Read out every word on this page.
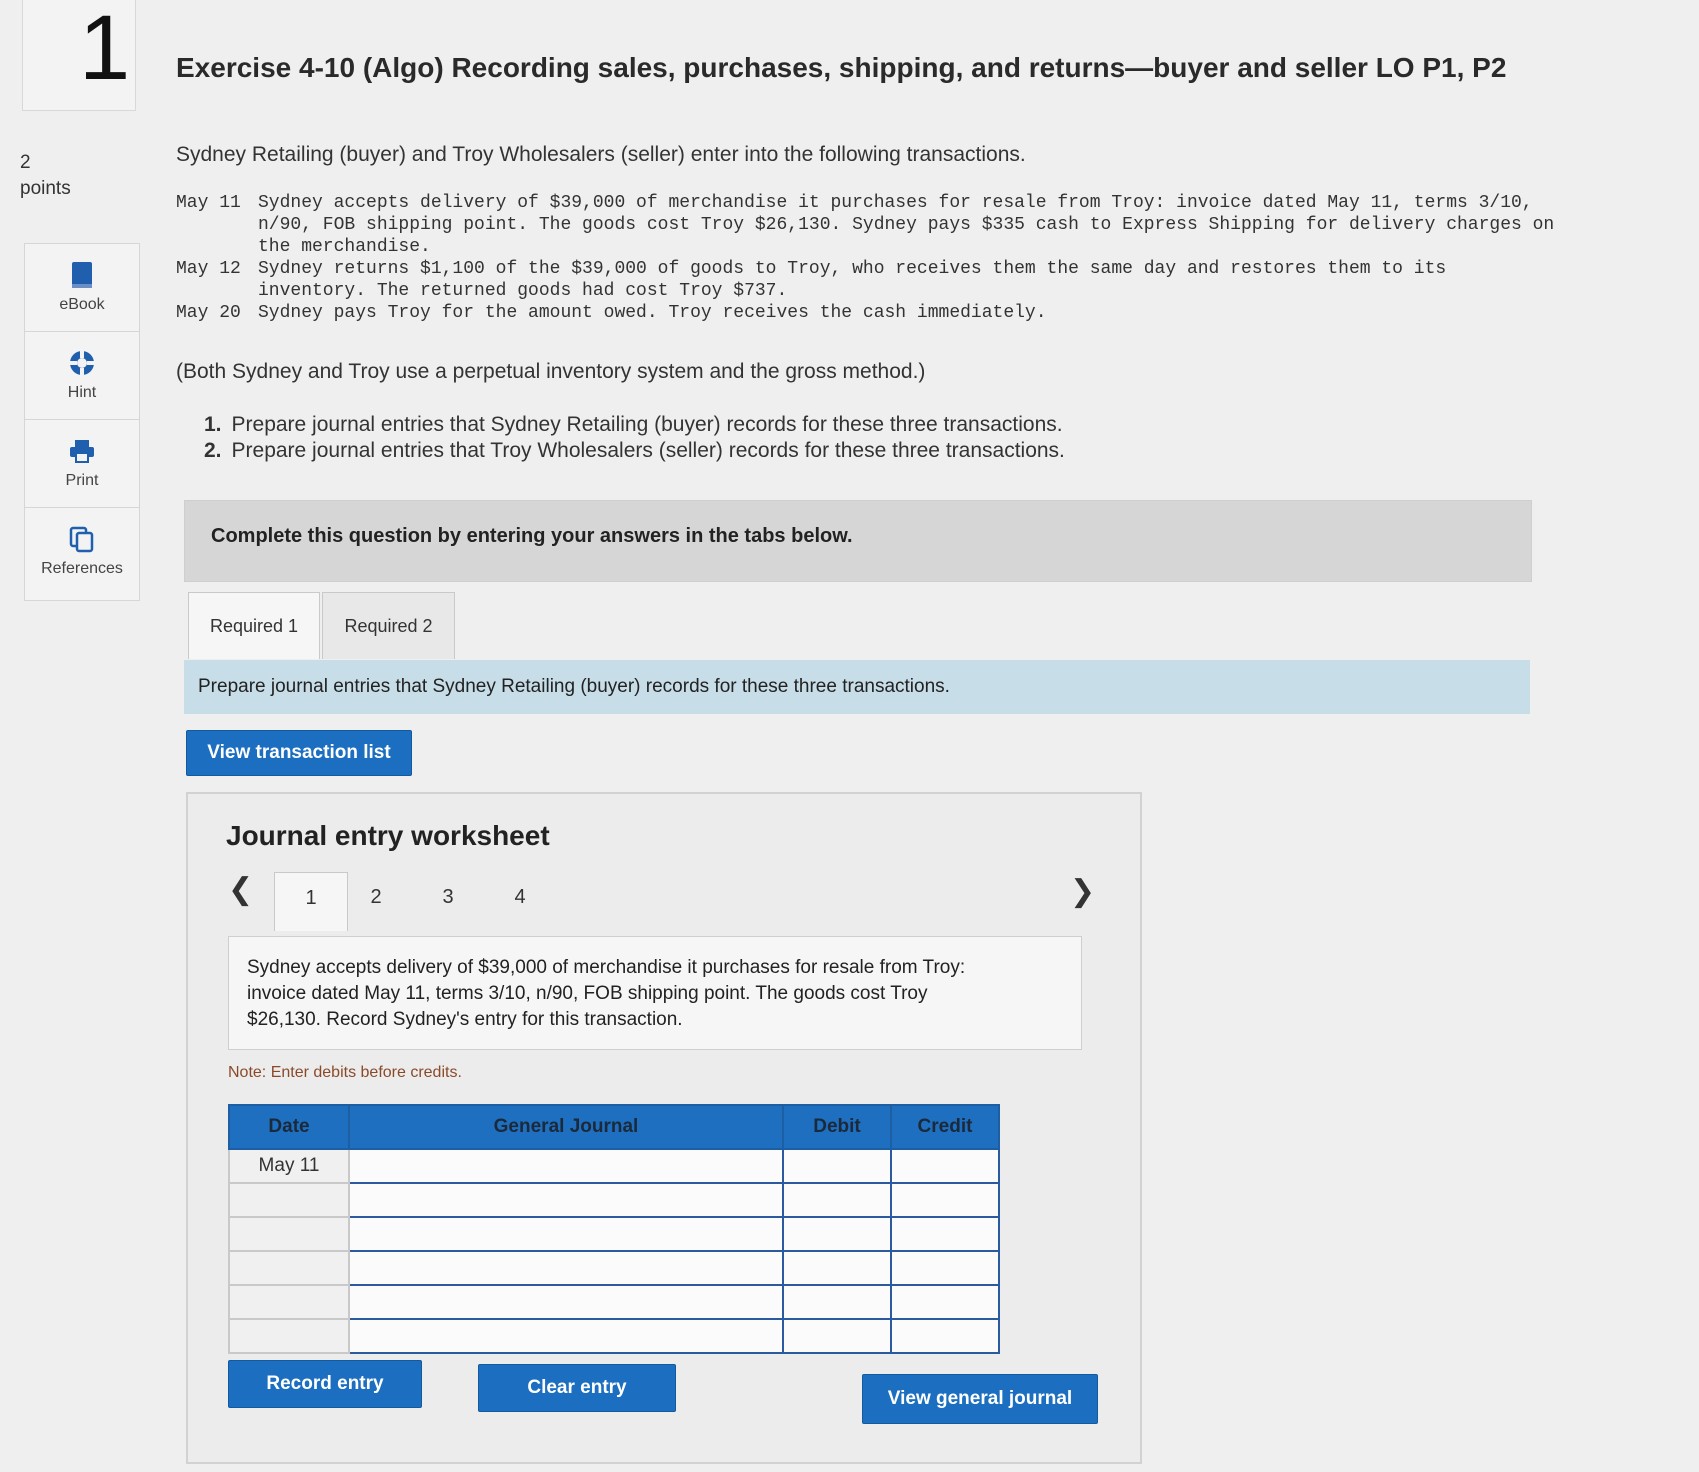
1
2
points
eBook
Hint
Print
References
Exercise 4-10 (Algo) Recording sales, purchases, shipping, and returns—buyer and seller LO P1, P2
Sydney Retailing (buyer) and Troy Wholesalers (seller) enter into the following transactions.
May 11 Sydney accepts delivery of $39,000 of merchandise it purchases for resale from Troy: invoice dated May 11, terms 3/10, n/90, FOB shipping point. The goods cost Troy $26,130. Sydney pays $335 cash to Express Shipping for delivery charges on the merchandise.
May 12 Sydney returns $1,100 of the $39,000 of goods to Troy, who receives them the same day and restores them to its inventory. The returned goods had cost Troy $737.
May 20 Sydney pays Troy for the amount owed. Troy receives the cash immediately.
(Both Sydney and Troy use a perpetual inventory system and the gross method.)
1. Prepare journal entries that Sydney Retailing (buyer) records for these three transactions.
2. Prepare journal entries that Troy Wholesalers (seller) records for these three transactions.
Complete this question by entering your answers in the tabs below.
Required 1	Required 2
Prepare journal entries that Sydney Retailing (buyer) records for these three transactions.
View transaction list
Journal entry worksheet
❮	1	2	3	4	❯
Sydney accepts delivery of $39,000 of merchandise it purchases for resale from Troy: invoice dated May 11, terms 3/10, n/90, FOB shipping point. The goods cost Troy $26,130. Record Sydney's entry for this transaction.
Note: Enter debits before credits.
Date	General Journal	Debit	Credit
May 11			

Record entry	Clear entry
View general journal
